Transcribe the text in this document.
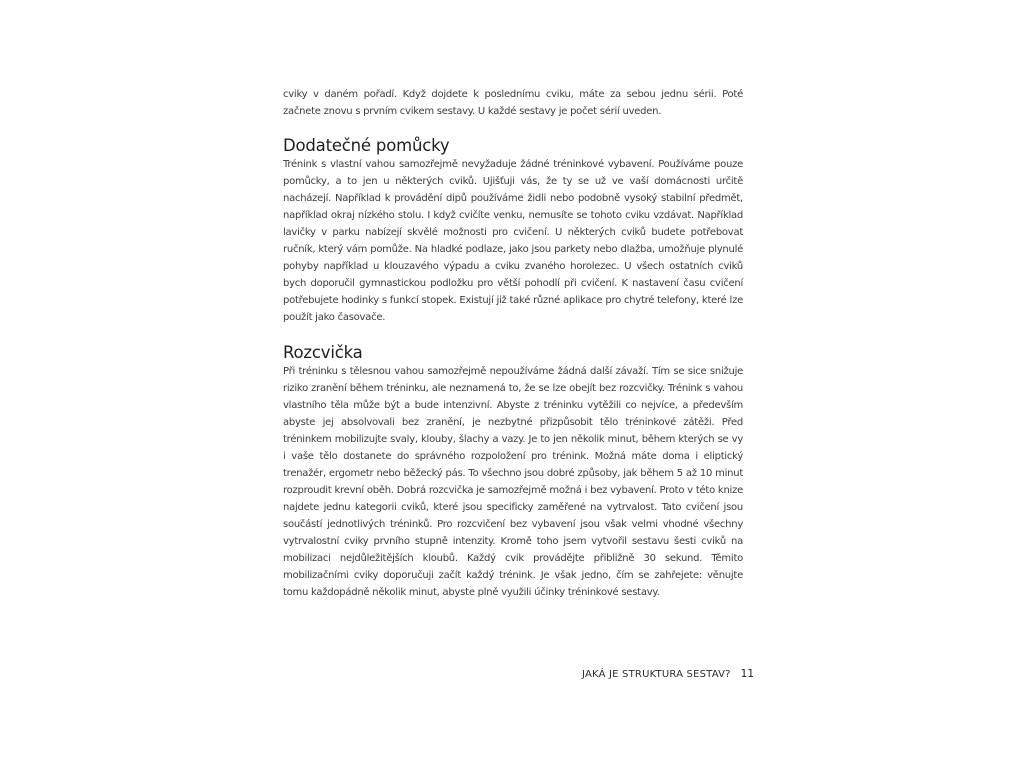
cviky v daném pořadí. Když dojdete k poslednímu cviku, máte za sebou jednu sérii. Poté začnete znovu s prvním cvikem sestavy. U každé sestavy je počet sérií uveden.

Dodatečné pomůcky

Trénink s vlastní vahou samozřejmě nevyžaduje žádné tréninkové vybavení. Používáme pouze pomůcky, a to jen u některých cviků. Ujišťuji vás, že ty se už ve vaší domácnosti určitě nacházejí. Například k provádění dipů používáme židli nebo podobně vysoký stabilní předmět, například okraj nízkého stolu. I když cvičíte venku, nemusíte se tohoto cviku vzdávat. Například lavičky v parku nabízejí skvělé možnosti pro cvičení. U některých cviků budete potřebovat ručník, který vám pomůže. Na hladké podlaze, jako jsou parkety nebo dlažba, umožňuje plynulé pohyby například u klouzavého výpadu a cviku zvaného horolezec. U všech ostatních cviků bych doporučil gymnastickou podložku pro větší pohodlí při cvičení. K nastavení času cvičení potřebujete hodinky s funkcí stopek. Existují již také různé aplikace pro chytré telefony, které lze použít jako časovače.

Rozcvička

Při tréninku s tělesnou vahou samozřejmě nepoužíváme žádná další závaží. Tím se sice snižuje riziko zranění během tréninku, ale neznamená to, že se lze obejít bez rozcvičky. Trénink s vahou vlastního těla může být a bude intenzivní. Abyste z tréninku vytěžili co nejvíce, a především abyste jej absolvovali bez zranění, je nezbytné přizpůsobit tělo tréninkové zátěži. Před tréninkem mobilizujte svaly, klouby, šlachy a vazy. Je to jen několik minut, během kterých se vy i vaše tělo dostanete do správného rozpoložení pro trénink. Možná máte doma i eliptický trenažér, ergometr nebo běžecký pás. To všechno jsou dobré způsoby, jak během 5 až 10 minut rozproudit krevní oběh. Dobrá rozcvička je samozřejmě možná i bez vybavení. Proto v této knize najdete jednu kategorii cviků, které jsou specificky zaměřené na vytrvalost. Tato cvičení jsou součástí jednotlivých tréninků. Pro rozcvičení bez vybavení jsou však velmi vhodné všechny vytrvalostní cviky prvního stupně intenzity. Kromě toho jsem vytvořil sestavu šesti cviků na mobilizaci nejdůležitějších kloubů. Každý cvik provádějte přibližně 30 sekund. Těmito mobilizačními cviky doporučuji začít každý trénink. Je však jedno, čím se zahřejete: věnujte tomu každopádně několik minut, abyste plně využili účinky tréninkové sestavy.

JAKÁ JE STRUKTURA SESTAV? 11
